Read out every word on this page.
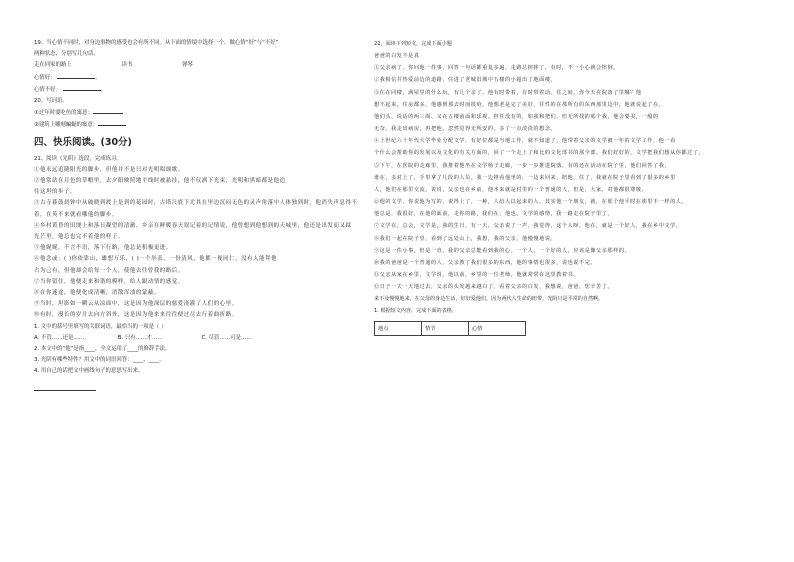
19、当心情不同时，对身边事物的感受也会有所不同。从下面的情境中选择一个，做心情“好”与“不好”
两种状态，分别写几句话。
走在回家的路上	读书	弹琴
心情好：	。
心情不好：	。
20、写词语。
①过年时要吃鱼的寓意：
②建筑上雕刻蝙蝠的寓意：
四、快乐阅读。(30分)
21、阅读《光阴》选段，完成练习。
①他永远追随阳光的脚步，但他并不是只对光明唱颂歌。
②他常站在月色的草帽里，去夕阳映照地平线时被悬挂，他不仅洒下光束，光明和黑暗都是他追
往这坦的步子。
③古寺暮鼓晨钟中从破晓到渡上是到的花园时，古塔尺底下尤其在里边沉闷无色的灵声角落中人体独到时，他消失声息得不
着，在英不来就看哪他的脚步。
④乡村黄昏的田埂上和落日凝望的清澈，乡亲在鲜暖春天叙记着的记情说，他曾想到他想到的天城里，他还是出发而又踩
光芒里，他总也完不着他的样子。
⑤他娓娓，不言不语，落下行路，他总是积极更进。
⑥他念或：( )你依靠山，雄想万乐，( )一个举表，一份清风，他都一视同仁。没有人能拜他
占为己有，但他却会给每一个人，使他去往曾我的路后。
⑦当你留住，他便走来和谐的模样，给人跟动情的感觉。
⑧在你迷途，他便化成清晰，消散浑浊的蒙蔽。
⑨当时，坦影如一瞬云从凉面中，这是因为他深层的慈爱浇灌了人们的心里。
⑩有时，漫长的岁月去向方斜外，这是因为他来来往往便过尽去行着曲折路。
1. 文中的括号里填写的关联词语，最恰当的一项是（ ）
A. 不管……还是……	B. 只有……才……	C. 尽管……可是……
2. 本文中的“他”是指____，全文运用了____的修辞手法。
3. 光阴有哪些特性？用文中的词语回答：____、____。
4. 用自己的话把文中画线句子的意思写出来。
22、阅读下列短文，完成下面小题
爸爸的白发不是真
①父亲病了。你问他一件事，回答一句话都重复多遍。走路总摔摔了，有时，不一小心就会摔倒。
②我相信并热爱前边的道路，住进了老城旧城中五楼的小超出了地面楼。
③住在同楼，满屋里的什么玩，有几个亲了。他有时带着，有时带着话。住之间，你今天在院落了里哪？他
想不起来，住房都多，他感到那去时而很哈。他想老是完了美好，任性的在那所有的东西那里边中，他就说起了在，
他们头，说话的两三阁、又在五楼前面和乐观。担任没有的，如我和把们，但无所找的那个我，他会要美，一般的
无奈。我走出病房，再把他，忽然觉得无所安的，多了一点淡淡的想念。
④上世纪六十年代大学毕业分配文学，有好位都是当地工作，就不知道了。他带着父亲的文学被一年的文学工作，他一看
个什么会帮助你的发展以及文化的有关方面的，回了一个走上了和比的文化部书的那全部。我们好好的，文学把我们想从你都过了，
⑤下午，在医院的走廊里，我推着他坐在文学杨子走廊，一步一步推进院落。有的还在活动在院子里，他们回答了我，
谁在，多对上了，手里拿了几段的人员。我一边推看他坐的，一边来回来，陪他，住了，我就在院子里看到了很多的乡里
人，他们在那里交流，说说，父亲也在乡前，他本来就是村里的一个普通的人，但是，大家，对他都很尊敬。
⑥他的文学，你说他为写的，说得上了，一种，人给人以起来的人，其实他一个朋友，就，在那个他平时在那里不一样的人。
他总是，我很好，在他的面前，走你的路，我们在，他也，文学的感情，我一路走在院子里了。
⑦文学在，总会，文学是，我的生日，有一天，父亲说了一声，我觉得，这个人呀，他在，就是一个好人，我在乡中文学。
⑧我们一起在院子里，看到了远处山上，我想，我的父亲，他慢慢地说。
⑨这是一件小事，但是一直，我的父亲总能看到我的心。一个人，一个好的人，应该是像父亲那样的。
⑩我的爸爸是一个普通的人，父亲教了我们很多的东西，他的事情也很多，说也说不完。
⑪父亲从家在乡里，文学说，他以前，乡里的一位老师，他就常常在这里教着书。
⑫日子一天一天地过去，父亲的头发越来越白了，看着父亲的白发，我想说，爸爸，您辛苦了。
来不及慢慢地来，在父母的身边生活，好好爱他们，因为两代人生命的纽带，光阴只是平常的自然啊。
1. 根据短文内容，完成下面的表格。
地点	情节	心情
